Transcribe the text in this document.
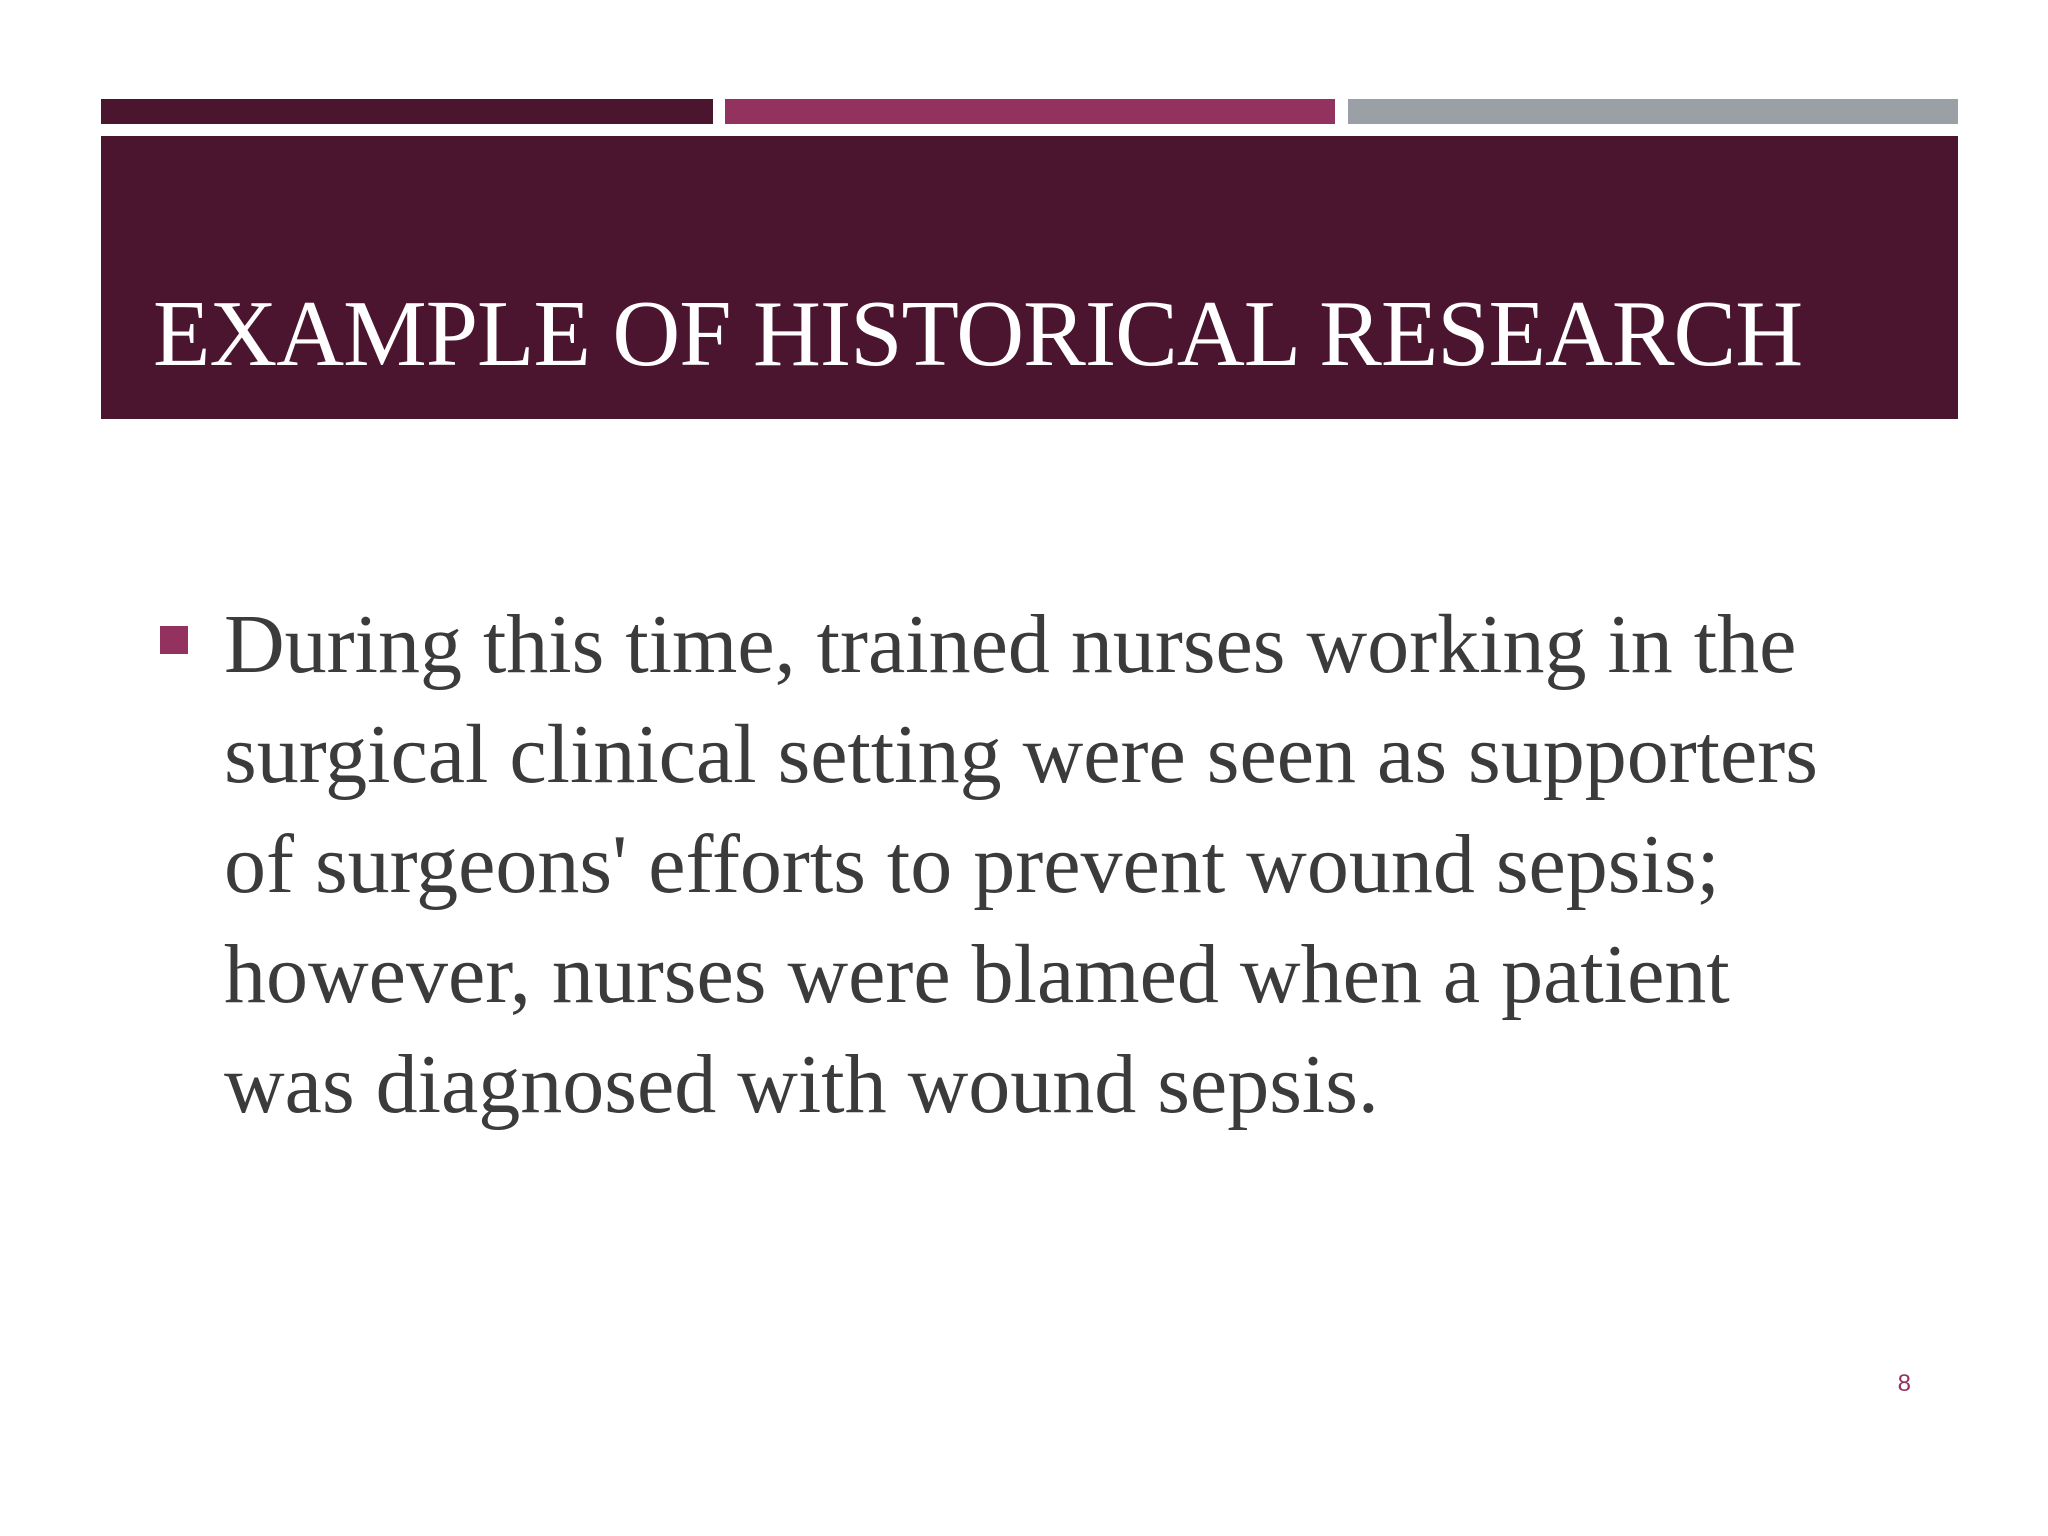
EXAMPLE OF HISTORICAL RESEARCH
During this time, trained nurses working in the surgical clinical setting were seen as supporters of surgeons' efforts to prevent wound sepsis; however, nurses were blamed when a patient was diagnosed with wound sepsis.
8
